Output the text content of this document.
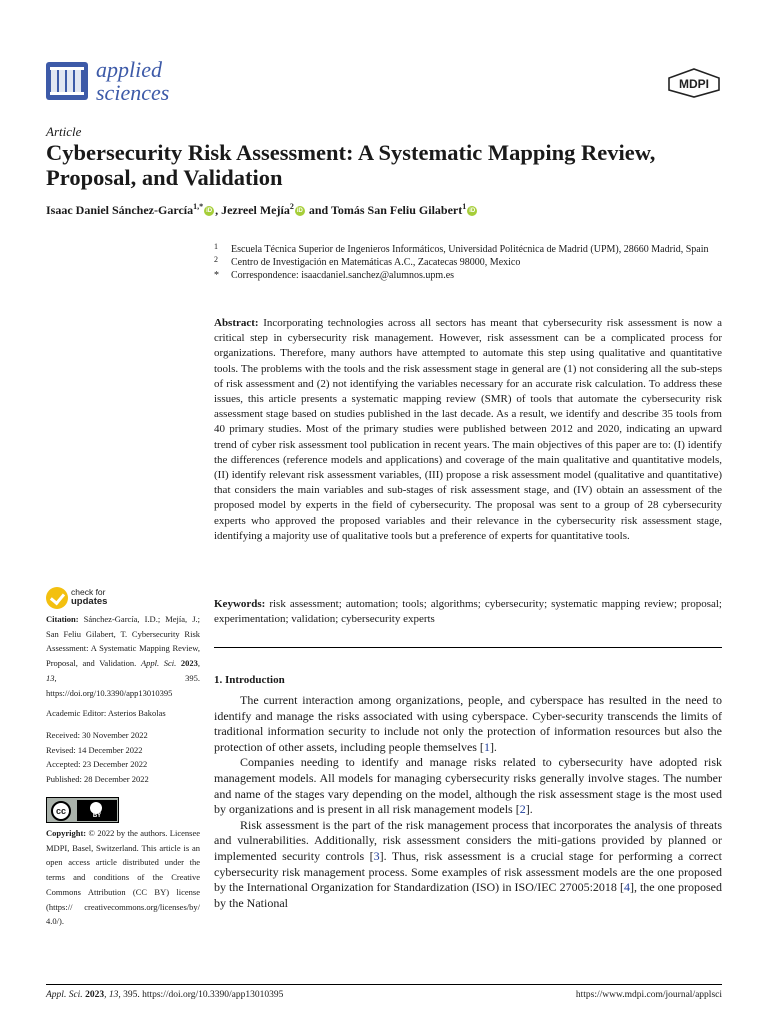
applied
sciences	MDPI
Article
Cybersecurity Risk Assessment: A Systematic Mapping Review, Proposal, and Validation
Isaac Daniel Sánchez-García$^{1,*}$iD , Jezreel Mejía$^2$iD and Tomás San Feliu Gilabert$^1$iD
1 Escuela Técnica Superior de Ingenieros Informáticos, Universidad Politécnica de Madrid (UPM), 28660 Madrid, Spain
2 Centro de Investigación en Matemáticas A.C., Zacatecas 98000, Mexico
* Correspondence: isaacdaniel.sanchez@alumnos.upm.es
Abstract: Incorporating technologies across all sectors has meant that cybersecurity risk assessment is now a critical step in cybersecurity risk management. However, risk assessment can be a complicated process for organizations. Therefore, many authors have attempted to automate this step using qualitative and quantitative tools. The problems with the tools and the risk assessment stage in general are (1) not considering all the sub-steps of risk assessment and (2) not identifying the variables necessary for an accurate risk calculation. To address these issues, this article presents a systematic mapping review (SMR) of tools that automate the cybersecurity risk assessment stage based on studies published in the last decade. As a result, we identify and describe 35 tools from 40 primary studies. Most of the primary studies were published between 2012 and 2020, indicating an upward trend of cyber risk assessment tool publication in recent years. The main objectives of this paper are to: (I) identify the differences (reference models and applications) and coverage of the main qualitative and quantitative models, (II) identify relevant risk assessment variables, (III) propose a risk assessment model (qualitative and quantitative) that considers the main variables and sub-stages of risk assessment stage, and (IV) obtain an assessment of the proposed model by experts in the field of cybersecurity. The proposal was sent to a group of 28 cybersecurity experts who approved the proposed variables and their relevance in the cybersecurity risk assessment stage, identifying a majority use of qualitative tools but a preference of experts for quantitative tools.
Keywords: risk assessment; automation; tools; algorithms; cybersecurity; systematic mapping review; proposal; experimentation; validation; cybersecurity experts
1. Introduction

The current interaction among organizations, people, and cyberspace has resulted in the need to identify and manage the risks associated with using cyberspace. Cyber-security transcends the limits of traditional information security to include not only the protection of information resources but also the protection of other assets, including people themselves [1].

Companies needing to identify and manage risks related to cybersecurity have adopted risk management models. All models for managing cybersecurity risks generally involve stages. The number and name of the stages vary depending on the model, although the risk assessment stage is the most used by organizations and is present in all risk management models [2].

Risk assessment is the part of the risk management process that incorporates the analysis of threats and vulnerabilities. Additionally, risk assessment considers the miti-gations provided by planned or implemented security controls [3]. Thus, risk assessment is a crucial stage for performing a correct cybersecurity risk management process. Some examples of risk assessment models are the one proposed by the International Organization for Standardization (ISO) in ISO/IEC 27005:2018 [4], the one proposed by the National

check for
updates
Citation: Sánchez-García, I.D.; Mejía, J.; San Feliu Gilabert, T. Cybersecurity Risk Assessment: A Systematic Mapping Review, Proposal, and Validation. Appl. Sci. 2023, 13, 395. https://doi.org/10.3390/app13010395
Academic Editor: Asterios Bakolas
Received: 30 November 2022
Revised: 14 December 2022
Accepted: 23 December 2022
Published: 28 December 2022
cc	BY
Copyright: © 2022 by the authors. Licensee MDPI, Basel, Switzerland. This article is an open access article distributed under the terms and conditions of the Creative Commons Attribution (CC BY) license (https:// creativecommons.org/licenses/by/ 4.0/).
Appl. Sci. 2023, 13, 395. https://doi.org/10.3390/app13010395	https://www.mdpi.com/journal/applsci
